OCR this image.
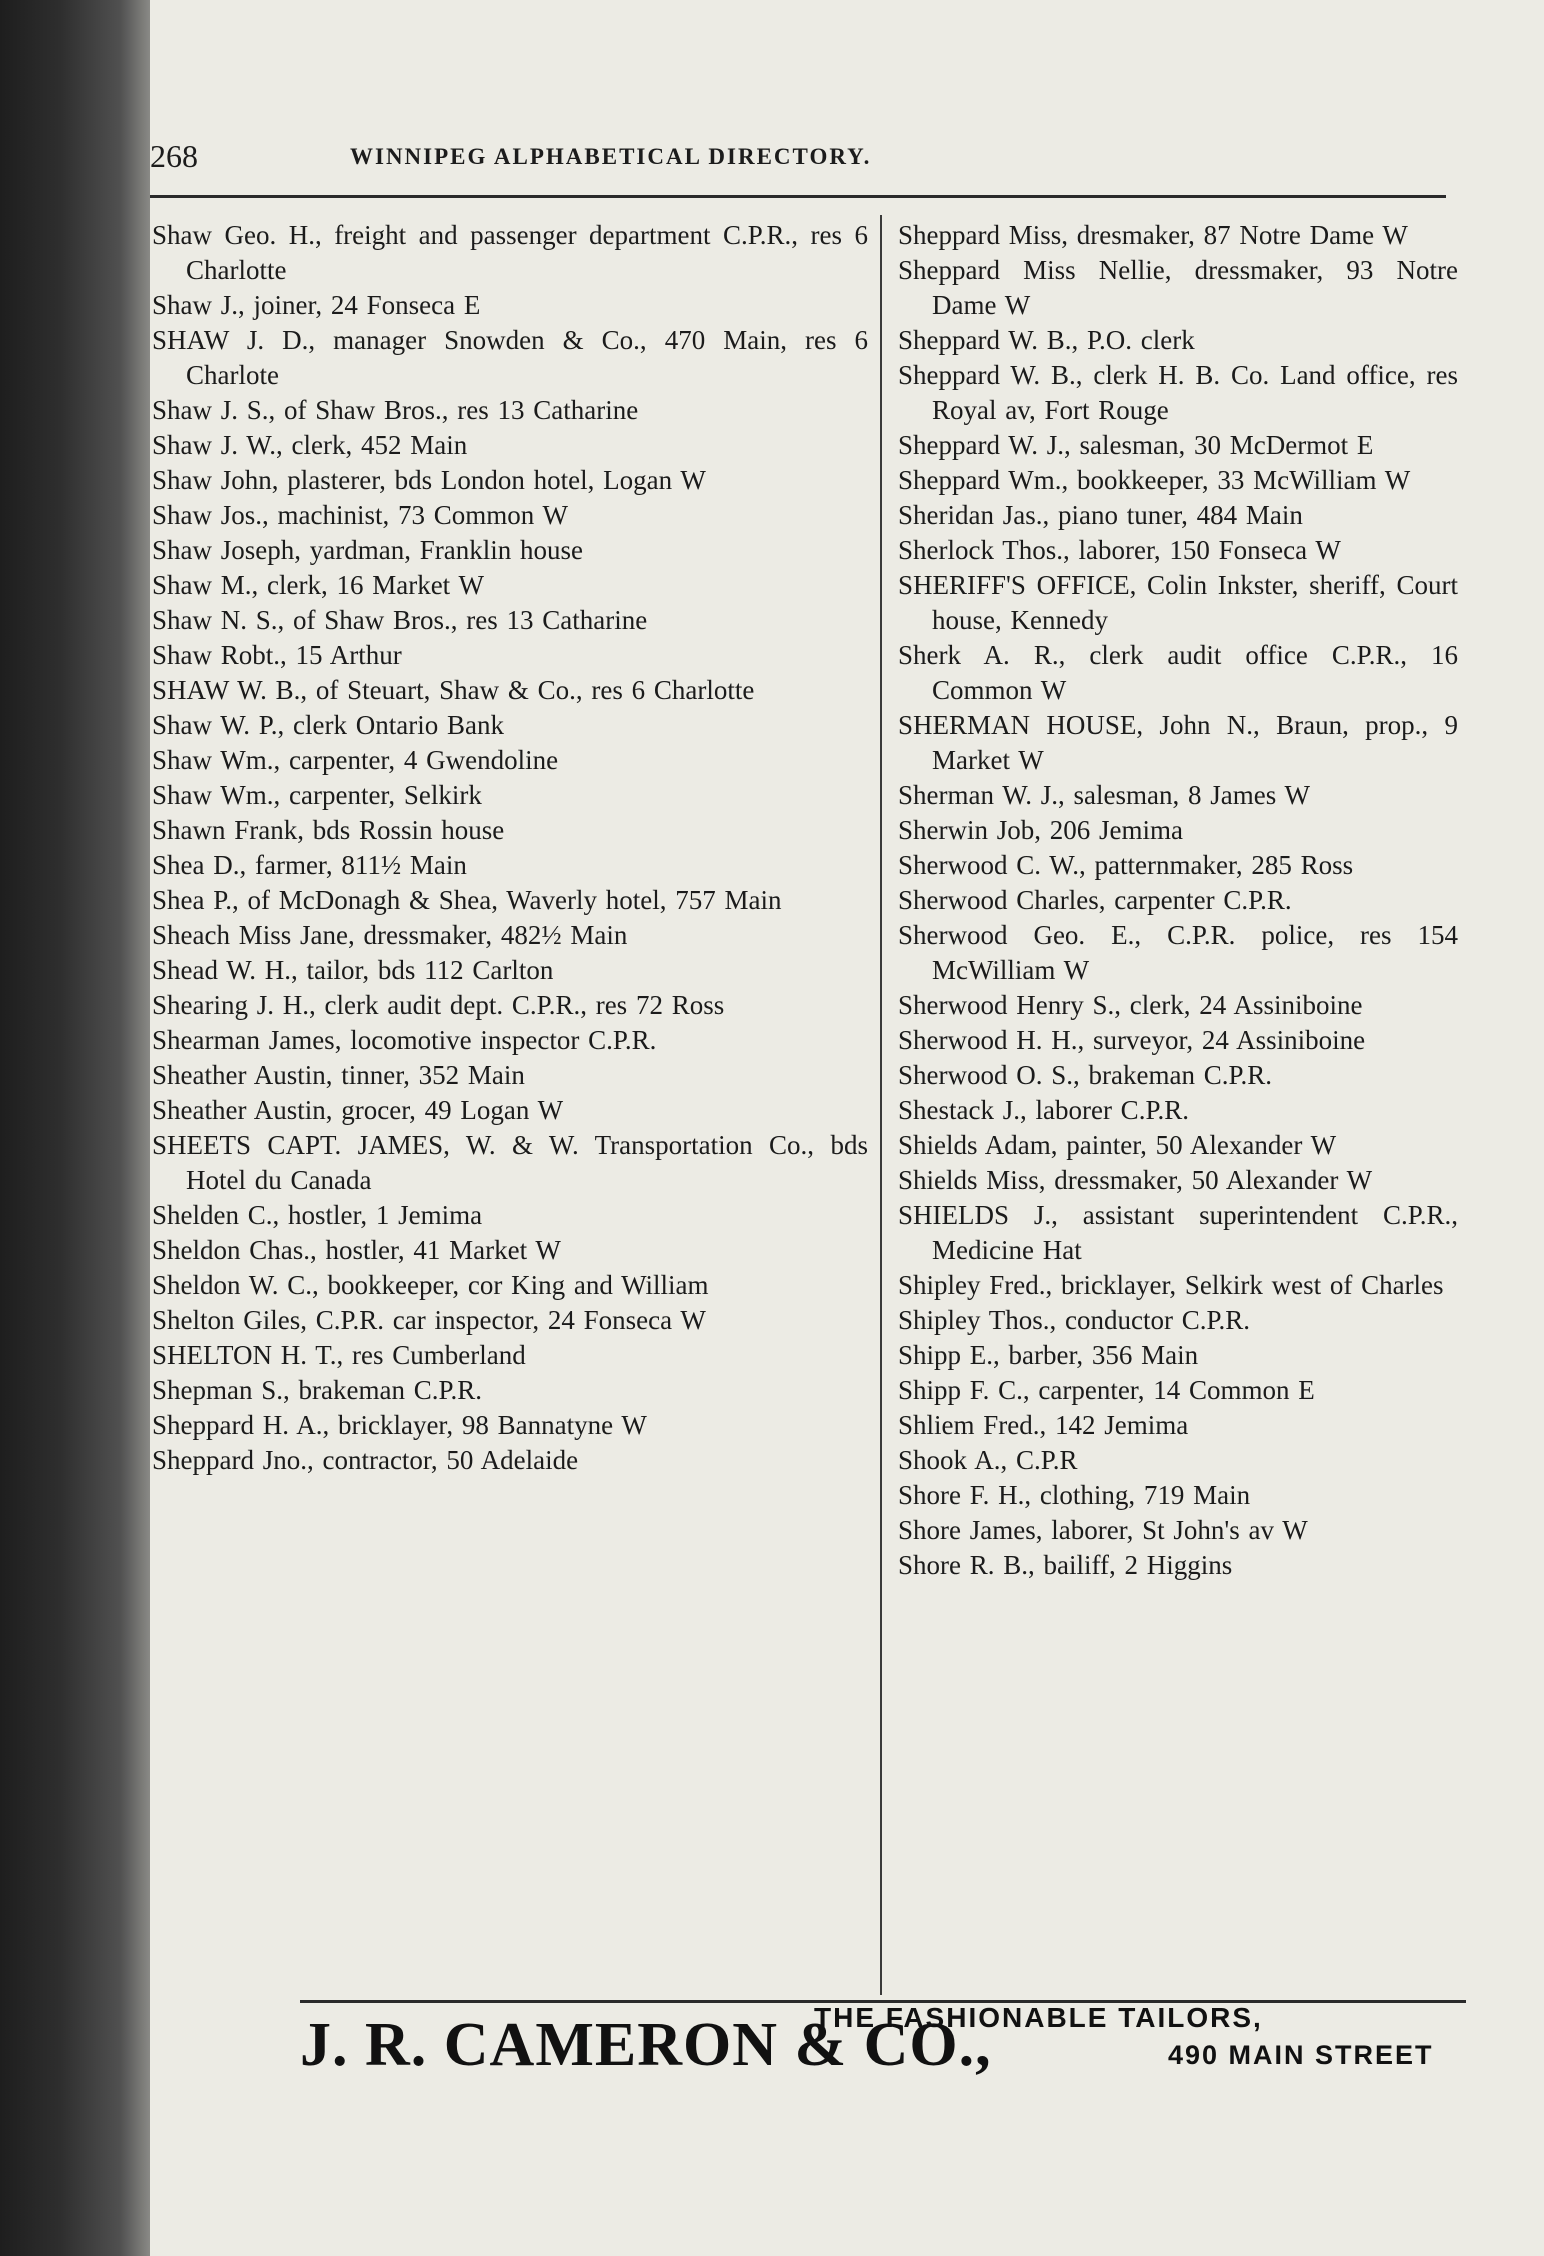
268	WINNIPEG ALPHABETICAL DIRECTORY.

Shaw Geo. H., freight and passenger department C.P.R., res 6 Charlotte

Shaw J., joiner, 24 Fonseca E

SHAW J. D., manager Snowden & Co., 470 Main, res 6 Charlote

Shaw J. S., of Shaw Bros., res 13 Catharine

Shaw J. W., clerk, 452 Main

Shaw John, plasterer, bds London hotel, Logan W

Shaw Jos., machinist, 73 Common W

Shaw Joseph, yardman, Franklin house

Shaw M., clerk, 16 Market W

Shaw N. S., of Shaw Bros., res 13 Catharine

Shaw Robt., 15 Arthur

SHAW W. B., of Steuart, Shaw & Co., res 6 Charlotte

Shaw W. P., clerk Ontario Bank

Shaw Wm., carpenter, 4 Gwendoline

Shaw Wm., carpenter, Selkirk

Shawn Frank, bds Rossin house

Shea D., farmer, 811½ Main

Shea P., of McDonagh & Shea, Waverly hotel, 757 Main

Sheach Miss Jane, dressmaker, 482½ Main

Shead W. H., tailor, bds 112 Carlton

Shearing J. H., clerk audit dept. C.P.R., res 72 Ross

Shearman James, locomotive inspector C.P.R.

Sheather Austin, tinner, 352 Main

Sheather Austin, grocer, 49 Logan W

SHEETS CAPT. JAMES, W. & W. Transportation Co., bds Hotel du Canada

Shelden C., hostler, 1 Jemima

Sheldon Chas., hostler, 41 Market W

Sheldon W. C., bookkeeper, cor King and William

Shelton Giles, C.P.R. car inspector, 24 Fonseca W

SHELTON H. T., res Cumberland

Shepman S., brakeman C.P.R.

Sheppard H. A., bricklayer, 98 Bannatyne W

Sheppard Jno., contractor, 50 Adelaide

Sheppard Miss, dresmaker, 87 Notre Dame W

Sheppard Miss Nellie, dressmaker, 93 Notre Dame W

Sheppard W. B., P.O. clerk

Sheppard W. B., clerk H. B. Co. Land office, res Royal av, Fort Rouge

Sheppard W. J., salesman, 30 McDermot E

Sheppard Wm., bookkeeper, 33 McWilliam W

Sheridan Jas., piano tuner, 484 Main

Sherlock Thos., laborer, 150 Fonseca W

SHERIFF'S OFFICE, Colin Inkster, sheriff, Court house, Kennedy

Sherk A. R., clerk audit office C.P.R., 16 Common W

SHERMAN HOUSE, John N., Braun, prop., 9 Market W

Sherman W. J., salesman, 8 James W

Sherwin Job, 206 Jemima

Sherwood C. W., patternmaker, 285 Ross

Sherwood Charles, carpenter C.P.R.

Sherwood Geo. E., C.P.R. police, res 154 McWilliam W

Sherwood Henry S., clerk, 24 Assiniboine

Sherwood H. H., surveyor, 24 Assiniboine

Sherwood O. S., brakeman C.P.R.

Shestack J., laborer C.P.R.

Shields Adam, painter, 50 Alexander W

Shields Miss, dressmaker, 50 Alexander W

SHIELDS J., assistant superintendent C.P.R., Medicine Hat

Shipley Fred., bricklayer, Selkirk west of Charles

Shipley Thos., conductor C.P.R.

Shipp E., barber, 356 Main

Shipp F. C., carpenter, 14 Common E

Shliem Fred., 142 Jemima

Shook A., C.P.R

Shore F. H., clothing, 719 Main

Shore James, laborer, St John's av W

Shore R. B., bailiff, 2 Higgins

J. R. CAMERON & CO.,
THE FASHIONABLE TAILORS,
490 MAIN STREET
